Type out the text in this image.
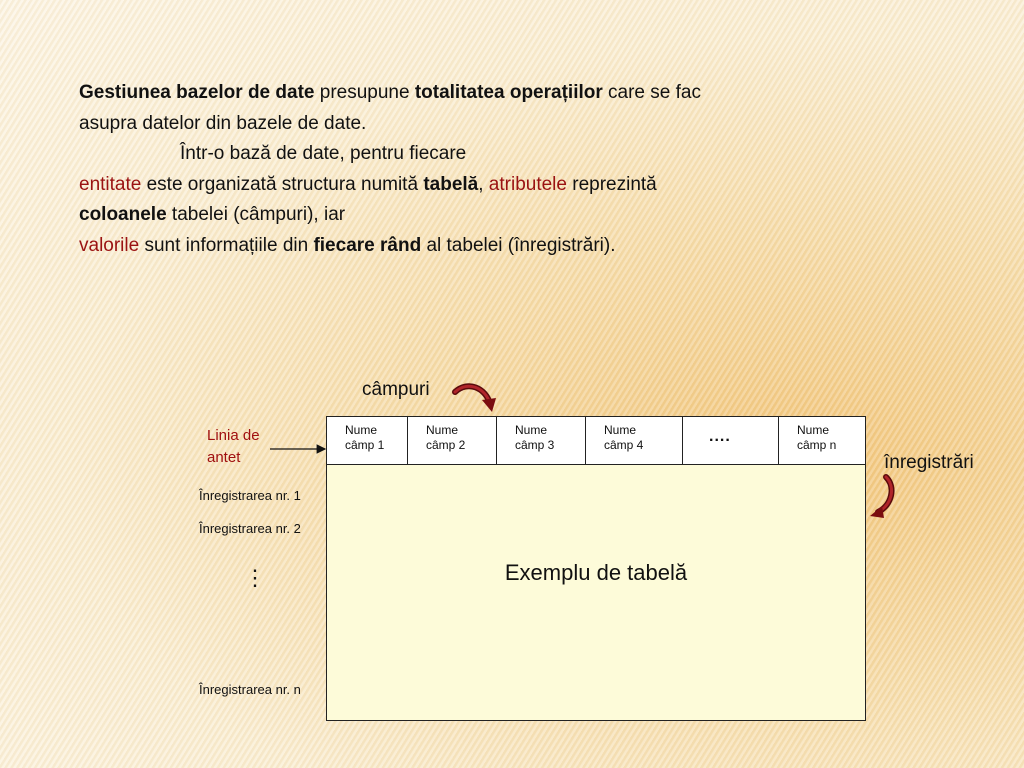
Gestiunea bazelor de date presupune totalitatea operațiilor care se fac
asupra datelor din bazele de date.
Într-o bază de date, pentru fiecare
entitate este organizată structura numită tabelă, atributele reprezintă
coloanele tabelei (câmpuri), iar
valorile sunt informațiile din fiecare rând al tabelei (înregistrări).
câmpuri
înregistrări
Linia de antet
Înregistrarea nr. 1
Înregistrarea nr. 2
⋮
Înregistrarea nr. n
Nume
câmp 1
Nume
câmp 2
Nume
câmp 3
Nume
câmp 4	....	Nume
câmp n
Exemplu de tabelă
